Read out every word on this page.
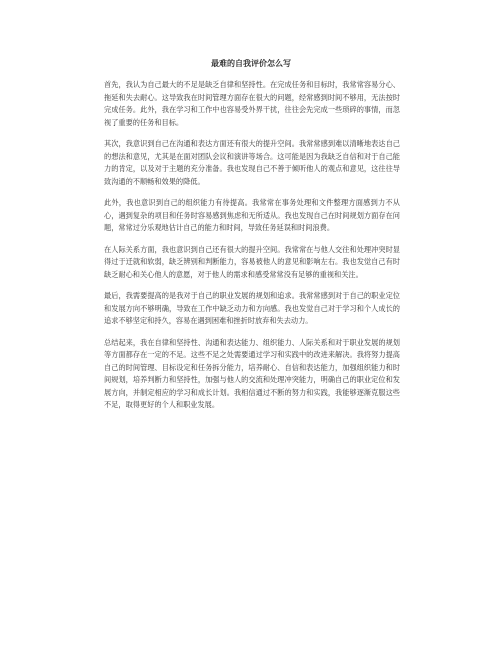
最难的自我评价怎么写

首先，我认为自己最大的不足是缺乏自律和坚持性。在完成任务和目标时，我常常容易分心、拖延和失去耐心。这导致我在时间管理方面存在很大的问题，经常感到时间不够用，无法按时完成任务。此外，我在学习和工作中也容易受外界干扰，往往会先完成一些琐碎的事情，而忽视了重要的任务和目标。

其次，我意识到自己在沟通和表达方面还有很大的提升空间。我常常感到难以清晰地表达自己的想法和意见，尤其是在面对团队会议和演讲等场合。这可能是因为我缺乏自信和对于自己能力的肯定，以及对于主题的充分准备。我也发现自己不善于倾听他人的观点和意见，这往往导致沟通的不顺畅和效果的降低。

此外，我也意识到自己的组织能力有待提高。我常常在事务处理和文件整理方面感到力不从心，遇到复杂的项目和任务时容易感到焦虑和无所适从。我也发现自己在时间规划方面存在问题，常常过分乐观地估计自己的能力和时间，导致任务延误和时间浪费。

在人际关系方面，我也意识到自己还有很大的提升空间。我常常在与他人交往和处理冲突时显得过于迁就和软弱，缺乏辨别和判断能力，容易被他人的意见和影响左右。我也发觉自己有时缺乏耐心和关心他人的意愿，对于他人的需求和感受常常没有足够的重视和关注。

最后，我需要提高的是我对于自己的职业发展的规划和追求。我常常感到对于自己的职业定位和发展方向不够明确，导致在工作中缺乏动力和方向感。我也发觉自己对于学习和个人成长的追求不够坚定和持久，容易在遇到困难和挫折时放弃和失去动力。

总结起来，我在自律和坚持性、沟通和表达能力、组织能力、人际关系和对于职业发展的规划等方面都存在一定的不足。这些不足之处需要通过学习和实践中的改进来解决。我将努力提高自己的时间管理、目标设定和任务拆分能力，培养耐心、自信和表达能力，加强组织能力和时间规划，培养判断力和坚持性，加强与他人的交流和处理冲突能力，明确自己的职业定位和发展方向，并制定相应的学习和成长计划。我相信通过不断的努力和实践，我能够逐渐克服这些不足，取得更好的个人和职业发展。
